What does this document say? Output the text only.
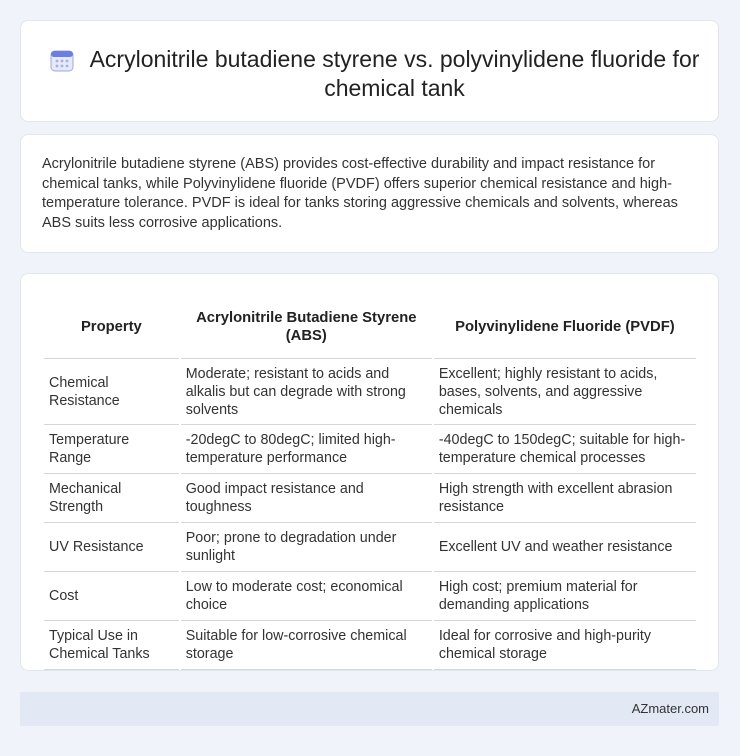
Acrylonitrile butadiene styrene vs. polyvinylidene fluoride for chemical tank

Acrylonitrile butadiene styrene (ABS) provides cost-effective durability and impact resistance for chemical tanks, while Polyvinylidene fluoride (PVDF) offers superior chemical resistance and high-temperature tolerance. PVDF is ideal for tanks storing aggressive chemicals and solvents, whereas ABS suits less corrosive applications.

Property	Acrylonitrile Butadiene Styrene (ABS)	Polyvinylidene Fluoride (PVDF)
Chemical Resistance	Moderate; resistant to acids and alkalis but can degrade with strong solvents	Excellent; highly resistant to acids, bases, solvents, and aggressive chemicals
Temperature Range	-20degC to 80degC; limited high-temperature performance	-40degC to 150degC; suitable for high-temperature chemical processes
Mechanical Strength	Good impact resistance and toughness	High strength with excellent abrasion resistance
UV Resistance	Poor; prone to degradation under sunlight	Excellent UV and weather resistance
Cost	Low to moderate cost; economical choice	High cost; premium material for demanding applications
Typical Use in Chemical Tanks	Suitable for low-corrosive chemical storage	Ideal for corrosive and high-purity chemical storage
AZmater.com
